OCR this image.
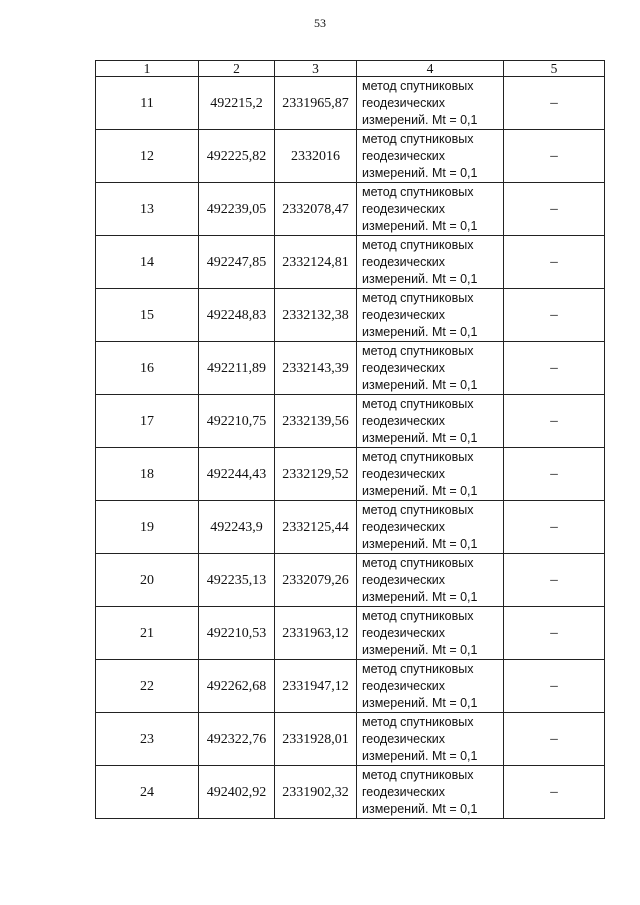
53
1	2	3	4	5
11	492215,2	2331965,87	метод спутниковых
геодезических
измерений. Mt = 0,1	–
12	492225,82	2332016	метод спутниковых
геодезических
измерений. Mt = 0,1	–
13	492239,05	2332078,47	метод спутниковых
геодезических
измерений. Mt = 0,1	–
14	492247,85	2332124,81	метод спутниковых
геодезических
измерений. Mt = 0,1	–
15	492248,83	2332132,38	метод спутниковых
геодезических
измерений. Mt = 0,1	–
16	492211,89	2332143,39	метод спутниковых
геодезических
измерений. Mt = 0,1	–
17	492210,75	2332139,56	метод спутниковых
геодезических
измерений. Mt = 0,1	–
18	492244,43	2332129,52	метод спутниковых
геодезических
измерений. Mt = 0,1	–
19	492243,9	2332125,44	метод спутниковых
геодезических
измерений. Mt = 0,1	–
20	492235,13	2332079,26	метод спутниковых
геодезических
измерений. Mt = 0,1	–
21	492210,53	2331963,12	метод спутниковых
геодезических
измерений. Mt = 0,1	–
22	492262,68	2331947,12	метод спутниковых
геодезических
измерений. Mt = 0,1	–
23	492322,76	2331928,01	метод спутниковых
геодезических
измерений. Mt = 0,1	–
24	492402,92	2331902,32	метод спутниковых
геодезических
измерений. Mt = 0,1	–
